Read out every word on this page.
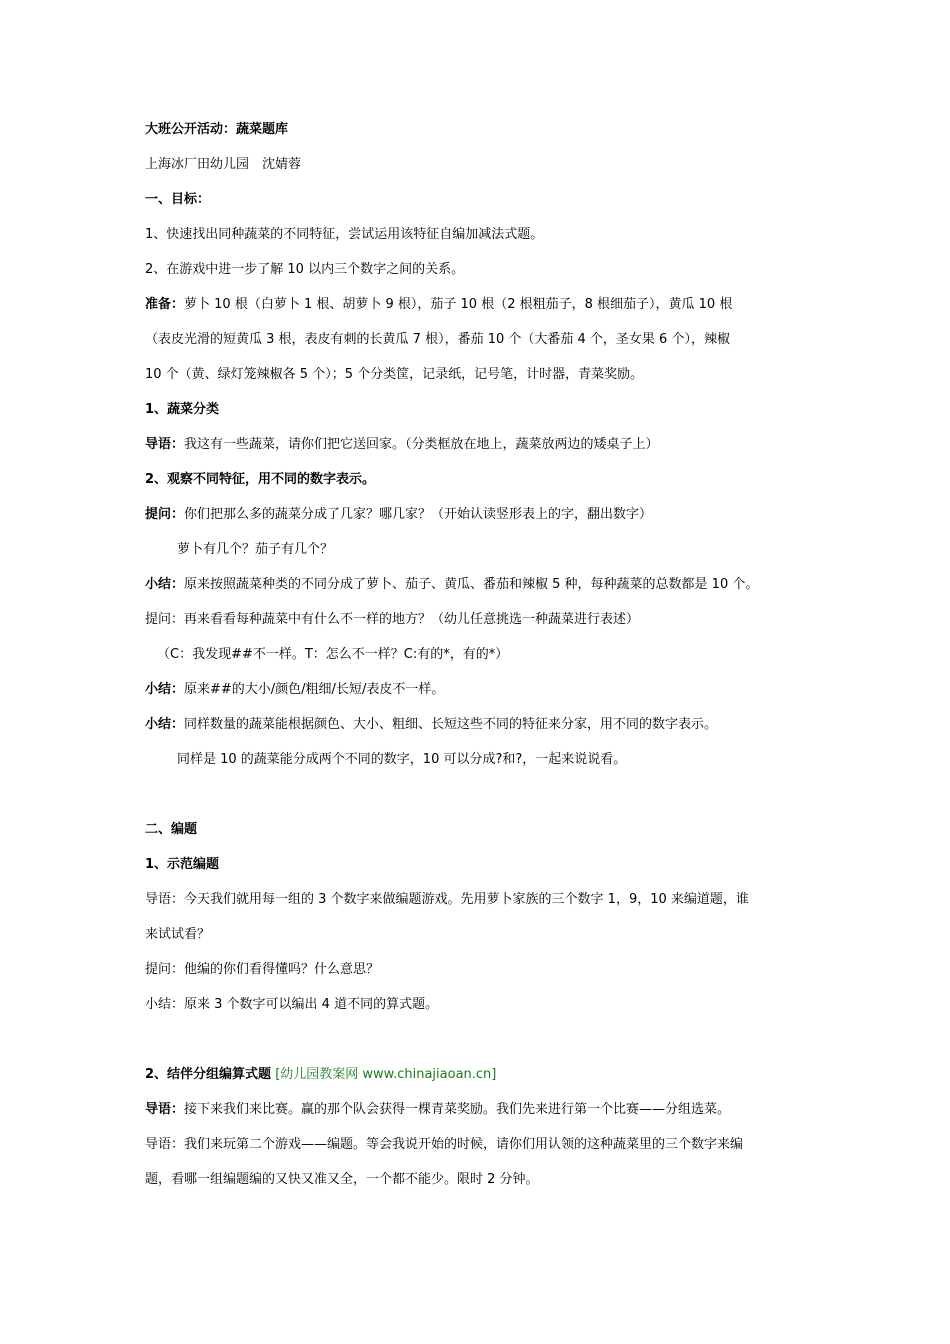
大班公开活动：蔬菜题库
上海冰厂田幼儿园　沈婧蓉
一、目标：
1、快速找出同种蔬菜的不同特征，尝试运用该特征自编加减法式题。
2、在游戏中进一步了解 10 以内三个数字之间的关系。
准备：萝卜 10 根（白萝卜 1 根、胡萝卜 9 根），茄子 10 根（2 根粗茄子，8 根细茄子），黄瓜 10 根
（表皮光滑的短黄瓜 3 根，表皮有刺的长黄瓜 7 根），番茄 10 个（大番茄 4 个，圣女果 6 个），辣椒
10 个（黄、绿灯笼辣椒各 5 个）；5 个分类筐，记录纸，记号笔，计时器，青菜奖励。
1、蔬菜分类
导语：我这有一些蔬菜，请你们把它送回家。（分类框放在地上，蔬菜放两边的矮桌子上）
2、观察不同特征，用不同的数字表示。
提问：你们把那么多的蔬菜分成了几家？哪几家？（开始认读竖形表上的字，翻出数字）
萝卜有几个？茄子有几个？
小结：原来按照蔬菜种类的不同分成了萝卜、茄子、黄瓜、番茄和辣椒 5 种，每种蔬菜的总数都是 10 个。
提问：再来看看每种蔬菜中有什么不一样的地方？（幼儿任意挑选一种蔬菜进行表述）
（C：我发现##不一样。T：怎么不一样？C:有的*，有的*）
小结：原来##的大小/颜色/粗细/长短/表皮不一样。
小结：同样数量的蔬菜能根据颜色、大小、粗细、长短这些不同的特征来分家，用不同的数字表示。
同样是 10 的蔬菜能分成两个不同的数字，10 可以分成?和?，一起来说说看。
二、编题
1、示范编题
导语：今天我们就用每一组的 3 个数字来做编题游戏。先用萝卜家族的三个数字 1，9，10 来编道题，谁
来试试看？
提问：他编的你们看得懂吗？什么意思？
小结：原来 3 个数字可以编出 4 道不同的算式题。
2、结伴分组编算式题 [幼儿园教案网 www.chinajiaoan.cn]
导语：接下来我们来比赛。赢的那个队会获得一棵青菜奖励。我们先来进行第一个比赛——分组选菜。
导语：我们来玩第二个游戏——编题。等会我说开始的时候，请你们用认领的这种蔬菜里的三个数字来编
题，看哪一组编题编的又快又准又全，一个都不能少。限时 2 分钟。
